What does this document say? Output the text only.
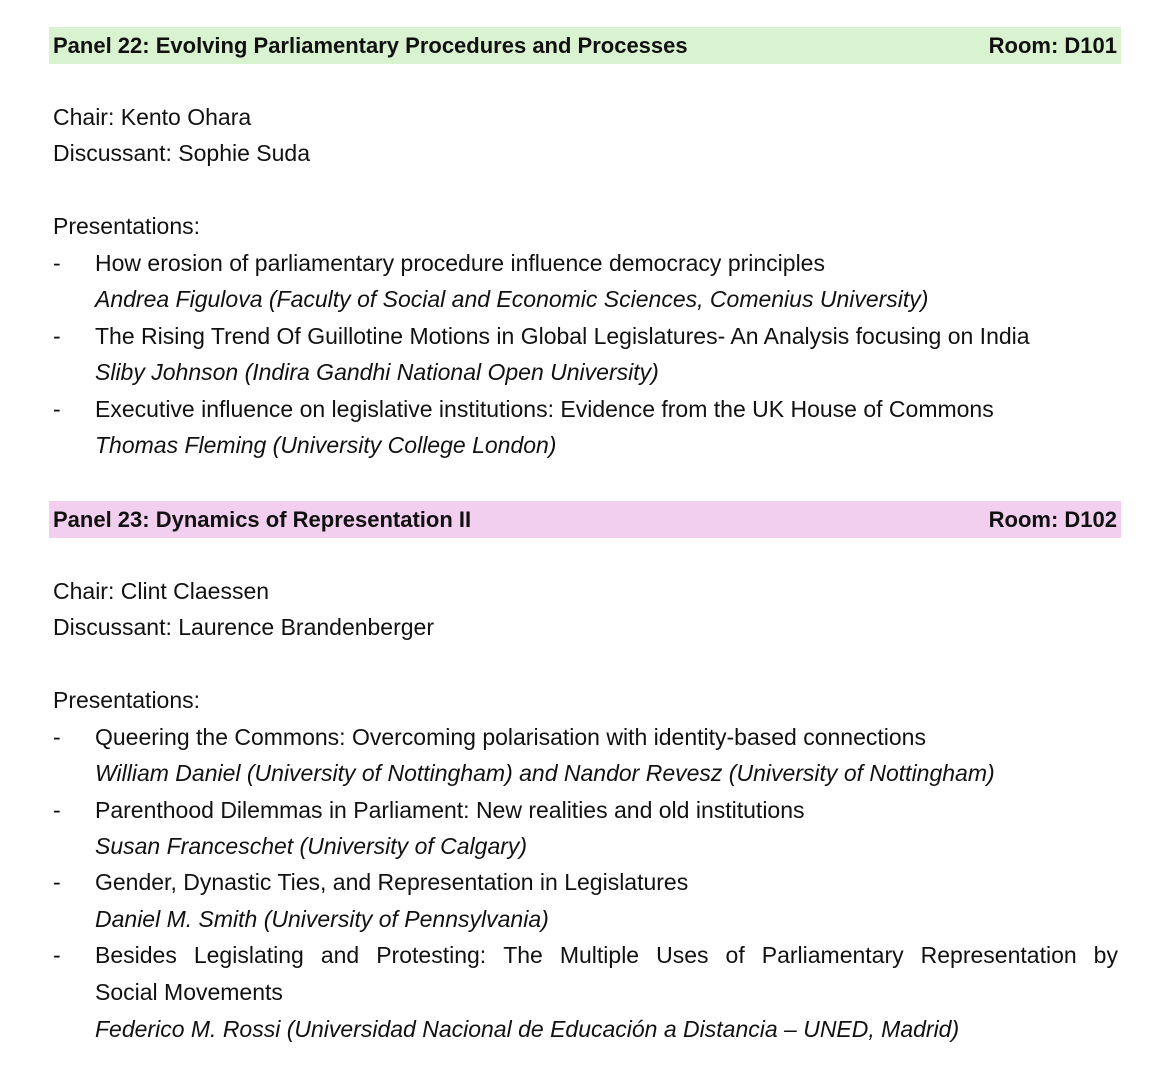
Panel 22: Evolving Parliamentary Procedures and Processes	Room: D101
Chair: Kento Ohara
Discussant: Sophie Suda
Presentations:
- How erosion of parliamentary procedure influence democracy principles
Andrea Figulova (Faculty of Social and Economic Sciences, Comenius University)
- The Rising Trend Of Guillotine Motions in Global Legislatures- An Analysis focusing on India
Sliby Johnson (Indira Gandhi National Open University)
- Executive influence on legislative institutions: Evidence from the UK House of Commons
Thomas Fleming (University College London)
Panel 23: Dynamics of Representation II	Room: D102
Chair: Clint Claessen
Discussant: Laurence Brandenberger
Presentations:
- Queering the Commons: Overcoming polarisation with identity-based connections
William Daniel (University of Nottingham) and Nandor Revesz (University of Nottingham)
- Parenthood Dilemmas in Parliament: New realities and old institutions
Susan Franceschet (University of Calgary)
- Gender, Dynastic Ties, and Representation in Legislatures
Daniel M. Smith (University of Pennsylvania)
- Besides Legislating and Protesting: The Multiple Uses of Parliamentary Representation by
Social Movements
Federico M. Rossi (Universidad Nacional de Educación a Distancia – UNED, Madrid)
